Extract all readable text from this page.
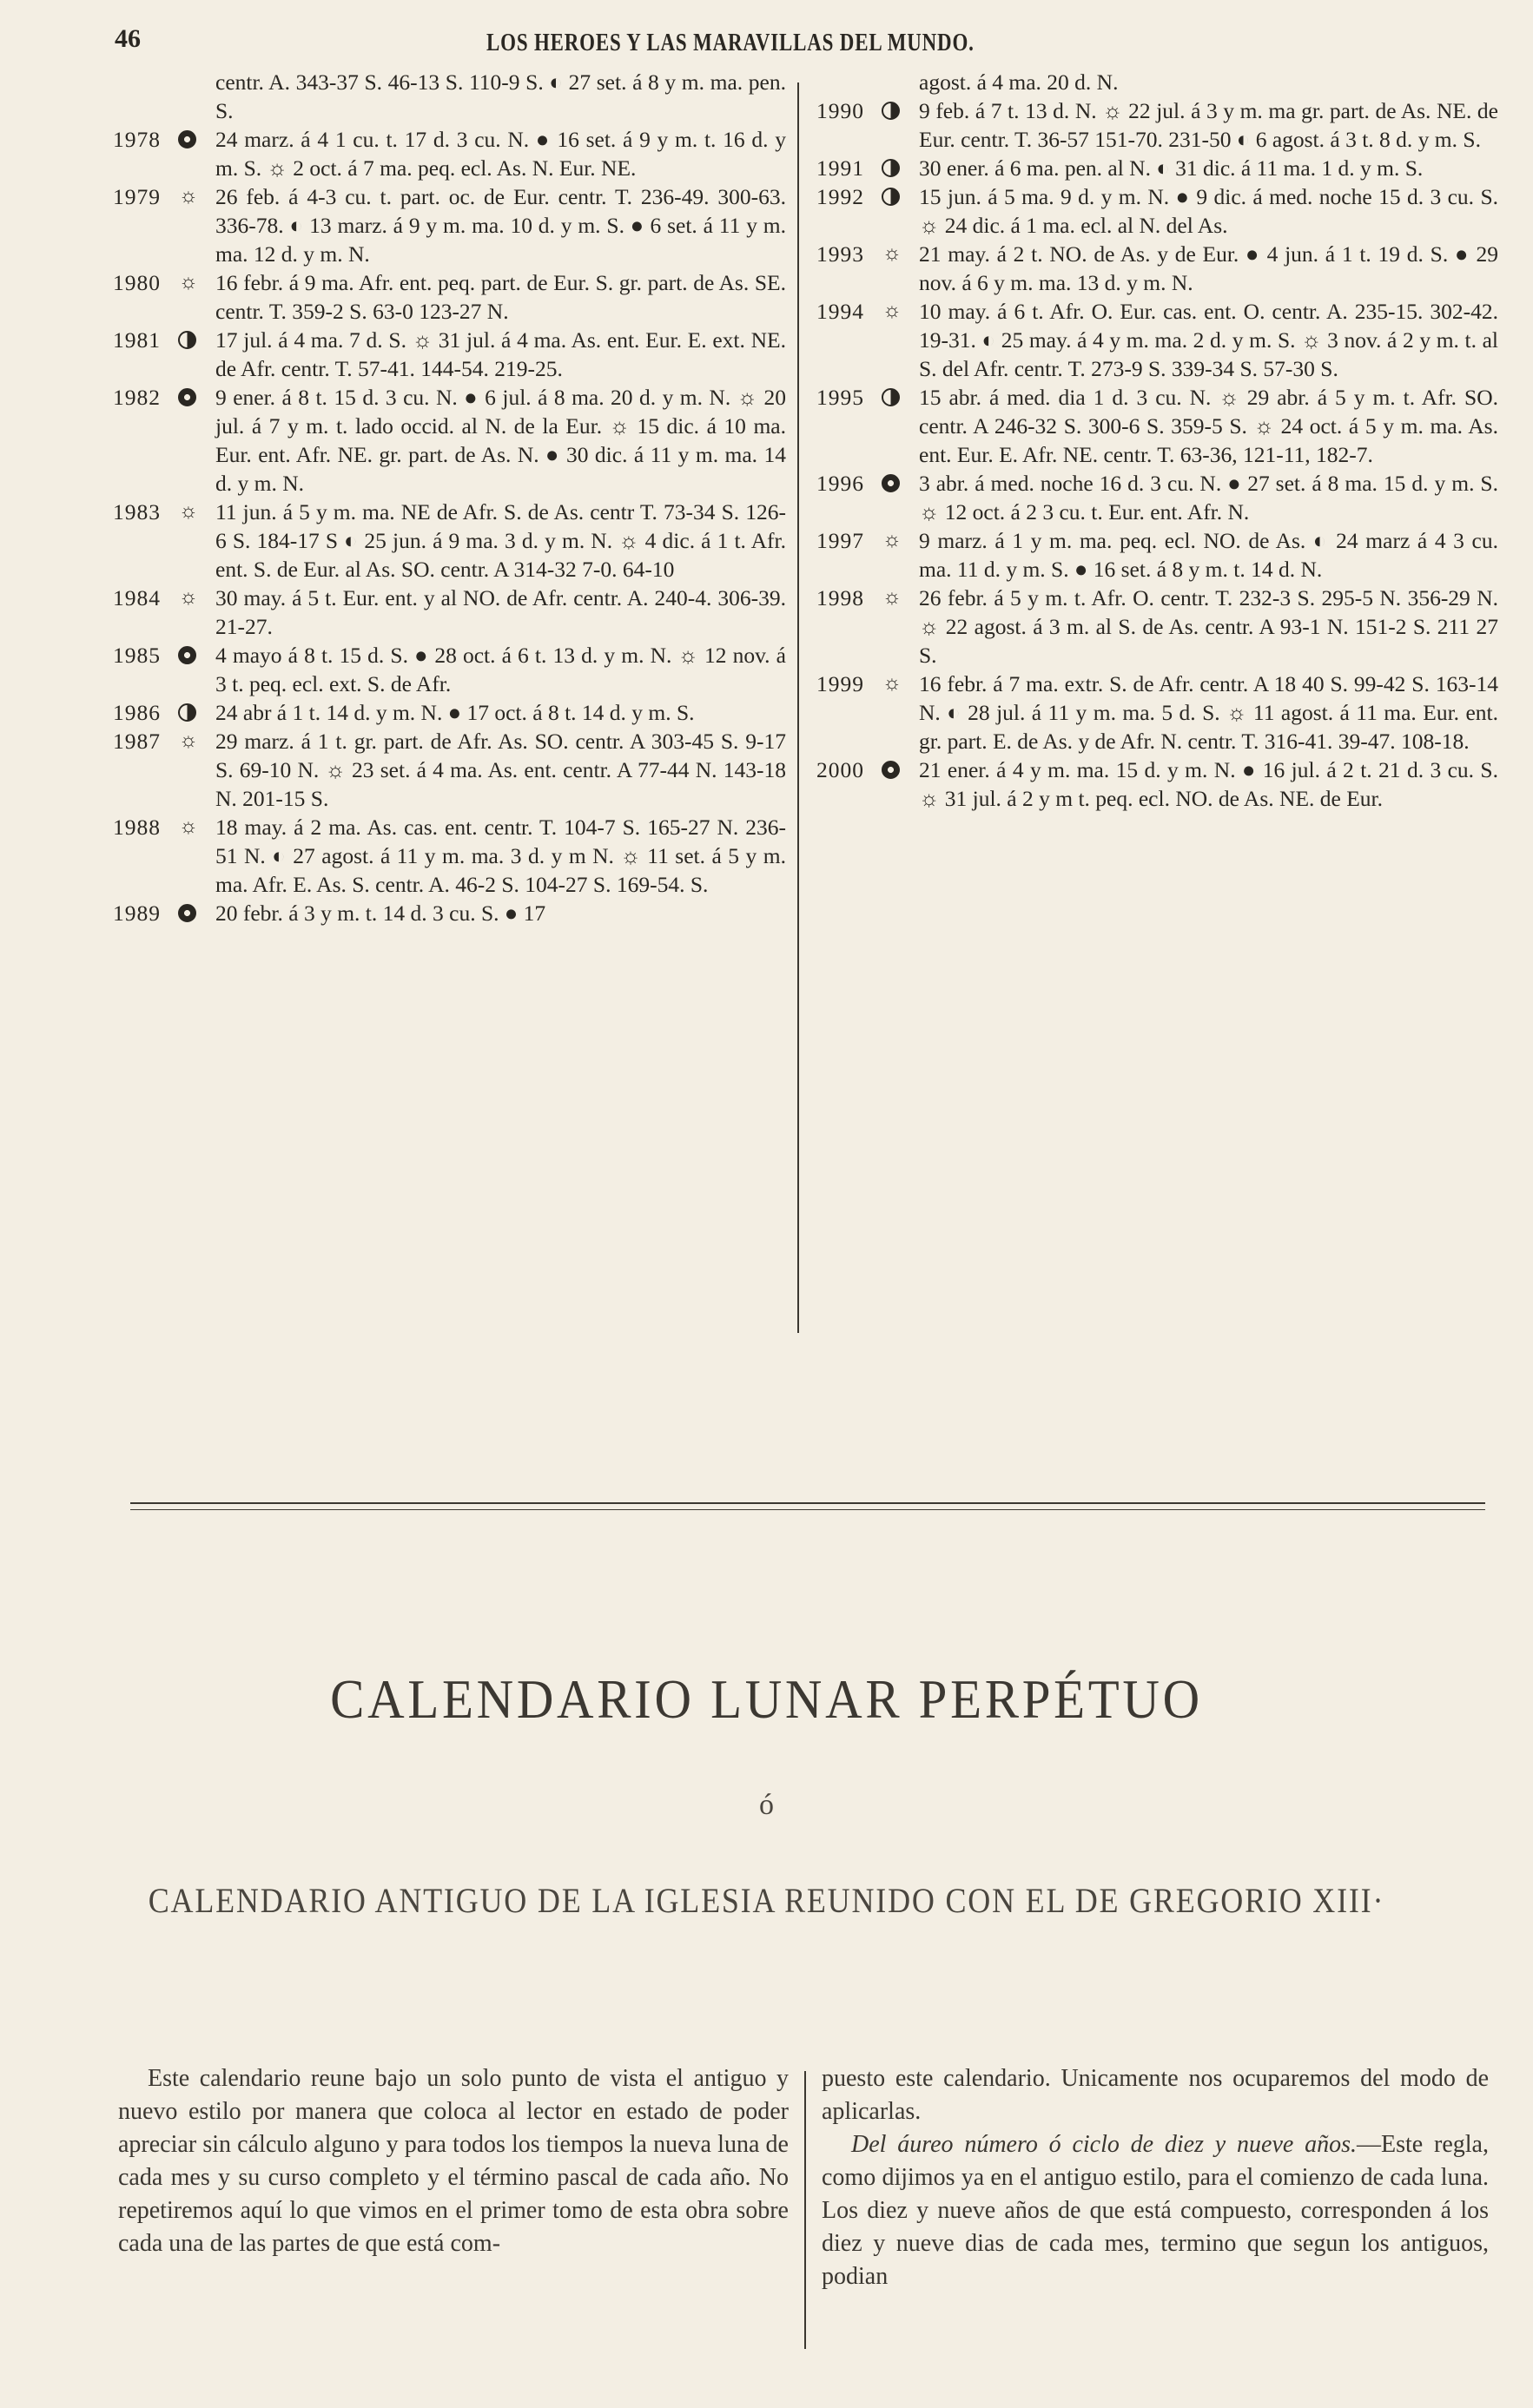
46	LOS HEROES Y LAS MARAVILLAS DEL MUNDO.
centr. A. 343-37 S. 46-13 S. 110-9 S. ◐ 27 set. á 8 y m. ma. pen. S.
1978 24 marz. á 4 1 cu. t. 17 d. 3 cu. N. ● 16 set. á 9 y m. t. 16 d. y m. S. ☼ 2 oct. á 7 ma. peq. ecl. As. N. Eur. NE.
1979 ☼ 26 feb. á 4-3 cu. t. part. oc. de Eur. centr. T. 236-49. 300-63. 336-78. ◐ 13 marz. á 9 y m. ma. 10 d. y m. S. ● 6 set. á 11 y m. ma. 12 d. y m. N.
1980 ☼ 16 febr. á 9 ma. Afr. ent. peq. part. de Eur. S. gr. part. de As. SE. centr. T. 359-2 S. 63-0 123-27 N.
1981 17 jul. á 4 ma. 7 d. S. ☼ 31 jul. á 4 ma. As. ent. Eur. E. ext. NE. de Afr. centr. T. 57-41. 144-54. 219-25.
1982 9 ener. á 8 t. 15 d. 3 cu. N. ● 6 jul. á 8 ma. 20 d. y m. N. ☼ 20 jul. á 7 y m. t. lado occid. al N. de la Eur. ☼ 15 dic. á 10 ma. Eur. ent. Afr. NE. gr. part. de As. N. ● 30 dic. á 11 y m. ma. 14 d. y m. N.
1983 ☼ 11 jun. á 5 y m. ma. NE de Afr. S. de As. centr T. 73-34 S. 126-6 S. 184-17 S ◐ 25 jun. á 9 ma. 3 d. y m. N. ☼ 4 dic. á 1 t. Afr. ent. S. de Eur. al As. SO. centr. A 314-32 7-0. 64-10
1984 ☼ 30 may. á 5 t. Eur. ent. y al NO. de Afr. centr. A. 240-4. 306-39. 21-27.
1985 4 mayo á 8 t. 15 d. S. ● 28 oct. á 6 t. 13 d. y m. N. ☼ 12 nov. á 3 t. peq. ecl. ext. S. de Afr.
1986 24 abr á 1 t. 14 d. y m. N. ● 17 oct. á 8 t. 14 d. y m. S.
1987 ☼ 29 marz. á 1 t. gr. part. de Afr. As. SO. centr. A 303-45 S. 9-17 S. 69-10 N. ☼ 23 set. á 4 ma. As. ent. centr. A 77-44 N. 143-18 N. 201-15 S.
1988 ☼ 18 may. á 2 ma. As. cas. ent. centr. T. 104-7 S. 165-27 N. 236-51 N. ◐ 27 agost. á 11 y m. ma. 3 d. y m N. ☼ 11 set. á 5 y m. ma. Afr. E. As. S. centr. A. 46-2 S. 104-27 S. 169-54. S.
1989 20 febr. á 3 y m. t. 14 d. 3 cu. S. ● 17
agost. á 4 ma. 20 d. N.
1990 9 feb. á 7 t. 13 d. N. ☼ 22 jul. á 3 y m. ma gr. part. de As. NE. de Eur. centr. T. 36-57 151-70. 231-50 ◐ 6 agost. á 3 t. 8 d. y m. S.
1991 30 ener. á 6 ma. pen. al N. ◐ 31 dic. á 11 ma. 1 d. y m. S.
1992 15 jun. á 5 ma. 9 d. y m. N. ● 9 dic. á med. noche 15 d. 3 cu. S. ☼ 24 dic. á 1 ma. ecl. al N. del As.
1993 ☼ 21 may. á 2 t. NO. de As. y de Eur. ● 4 jun. á 1 t. 19 d. S. ● 29 nov. á 6 y m. ma. 13 d. y m. N.
1994 ☼ 10 may. á 6 t. Afr. O. Eur. cas. ent. O. centr. A. 235-15. 302-42. 19-31. ◐ 25 may. á 4 y m. ma. 2 d. y m. S. ☼ 3 nov. á 2 y m. t. al S. del Afr. centr. T. 273-9 S. 339-34 S. 57-30 S.
1995 15 abr. á med. dia 1 d. 3 cu. N. ☼ 29 abr. á 5 y m. t. Afr. SO. centr. A 246-32 S. 300-6 S. 359-5 S. ☼ 24 oct. á 5 y m. ma. As. ent. Eur. E. Afr. NE. centr. T. 63-36, 121-11, 182-7.
1996 3 abr. á med. noche 16 d. 3 cu. N. ● 27 set. á 8 ma. 15 d. y m. S. ☼ 12 oct. á 2 3 cu. t. Eur. ent. Afr. N.
1997 ☼ 9 marz. á 1 y m. ma. peq. ecl. NO. de As. ◐ 24 marz á 4 3 cu. ma. 11 d. y m. S. ● 16 set. á 8 y m. t. 14 d. N.
1998 ☼ 26 febr. á 5 y m. t. Afr. O. centr. T. 232-3 S. 295-5 N. 356-29 N. ☼ 22 agost. á 3 m. al S. de As. centr. A 93-1 N. 151-2 S. 211 27 S.
1999 ☼ 16 febr. á 7 ma. extr. S. de Afr. centr. A 18 40 S. 99-42 S. 163-14 N. ◐ 28 jul. á 11 y m. ma. 5 d. S. ☼ 11 agost. á 11 ma. Eur. ent. gr. part. E. de As. y de Afr. N. centr. T. 316-41. 39-47. 108-18.
2000 21 ener. á 4 y m. ma. 15 d. y m. N. ● 16 jul. á 2 t. 21 d. 3 cu. S. ☼ 31 jul. á 2 y m t. peq. ecl. NO. de As. NE. de Eur.
CALENDARIO LUNAR PERPÉTUO
ó
CALENDARIO ANTIGUO DE LA IGLESIA REUNIDO CON EL DE GREGORIO XIII·
Este calendario reune bajo un solo punto de vista el antiguo y nuevo estilo por manera que coloca al lector en estado de poder apreciar sin cálculo alguno y para todos los tiempos la nueva luna de cada mes y su curso completo y el término pascal de cada año. No repetiremos aquí lo que vimos en el primer tomo de esta obra sobre cada una de las partes de que está com-
puesto este calendario. Unicamente nos ocuparemos del modo de aplicarlas.
Del áureo número ó ciclo de diez y nueve años.—Este regla, como dijimos ya en el antiguo estilo, para el comienzo de cada luna. Los diez y nueve años de que está compuesto, corresponden á los diez y nueve dias de cada mes, termino que segun los antiguos, podian
